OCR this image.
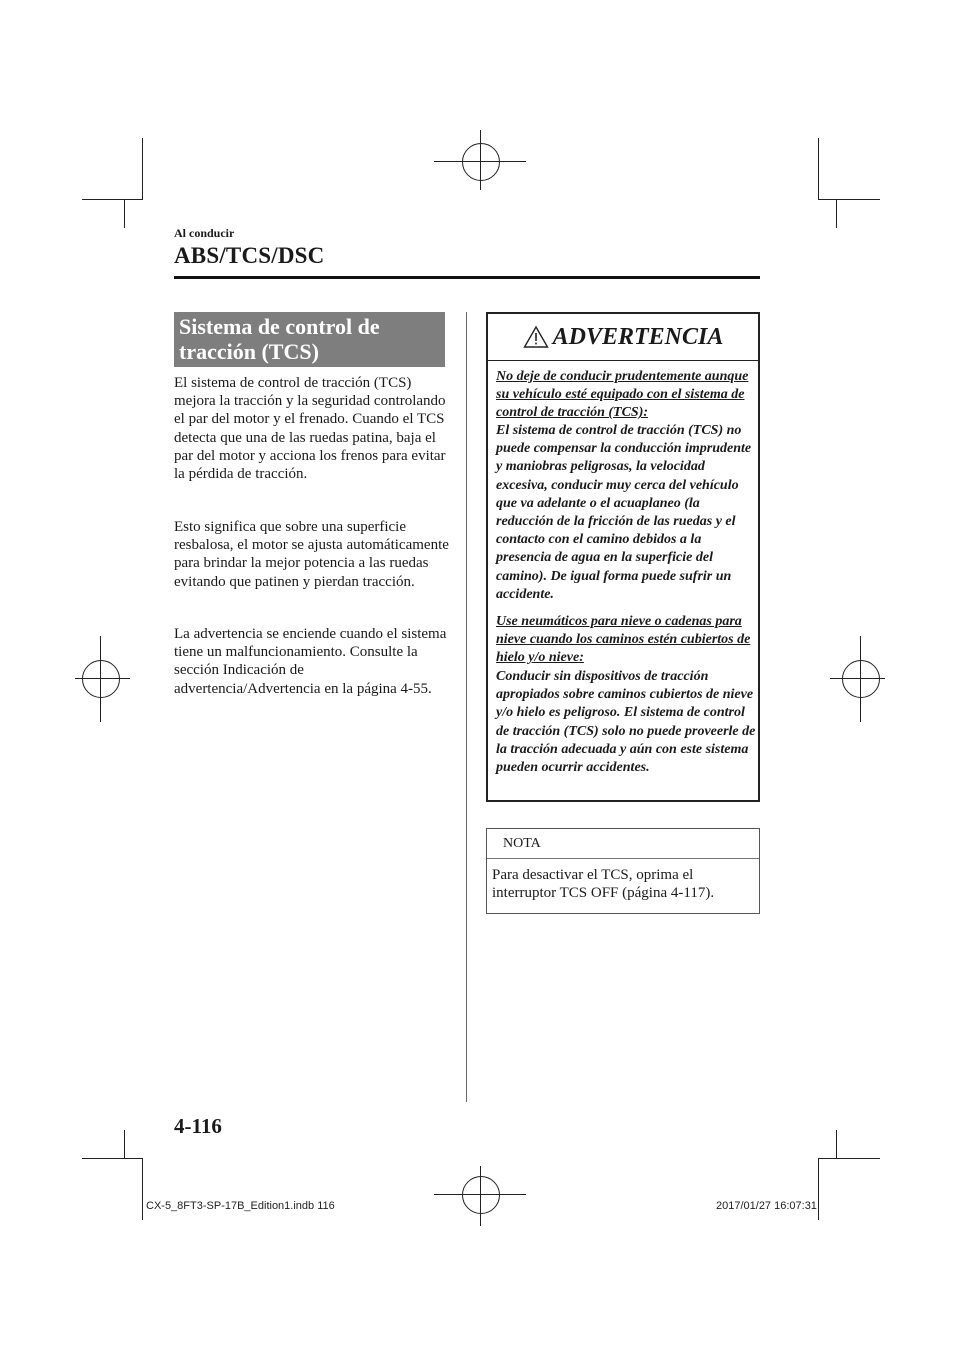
Al conducir
ABS/TCS/DSC
Sistema de control de
tracción (TCS)

El sistema de control de tracción (TCS) mejora la tracción y la seguridad controlando el par del motor y el frenado. Cuando el TCS detecta que una de las ruedas patina, baja el par del motor y acciona los frenos para evitar la pérdida de tracción.

Esto significa que sobre una superficie resbalosa, el motor se ajusta automáticamente para brindar la mejor potencia a las ruedas evitando que patinen y pierdan tracción.

La advertencia se enciende cuando el sistema tiene un malfuncionamiento. Consulte la sección Indicación de advertencia/Advertencia en la página 4-55.

ADVERTENCIA

No deje de conducir prudentemente aunque su vehículo esté equipado con el sistema de control de tracción (TCS):

El sistema de control de tracción (TCS) no puede compensar la conducción imprudente y maniobras peligrosas, la velocidad excesiva, conducir muy cerca del vehículo que va adelante o el acuaplaneo (la reducción de la fricción de las ruedas y el contacto con el camino debidos a la presencia de agua en la superficie del camino). De igual forma puede sufrir un accidente.

Use neumáticos para nieve o cadenas para nieve cuando los caminos estén cubiertos de hielo y/o nieve:

Conducir sin dispositivos de tracción apropiados sobre caminos cubiertos de nieve y/o hielo es peligroso. El sistema de control de tracción (TCS) solo no puede proveerle de la tracción adecuada y aún con este sistema pueden ocurrir accidentes.

NOTA

Para desactivar el TCS, oprima el interruptor TCS OFF (página 4-117).

4-116
CX-5_8FT3-SP-17B_Edition1.indb 116	2017/01/27 16:07:31
